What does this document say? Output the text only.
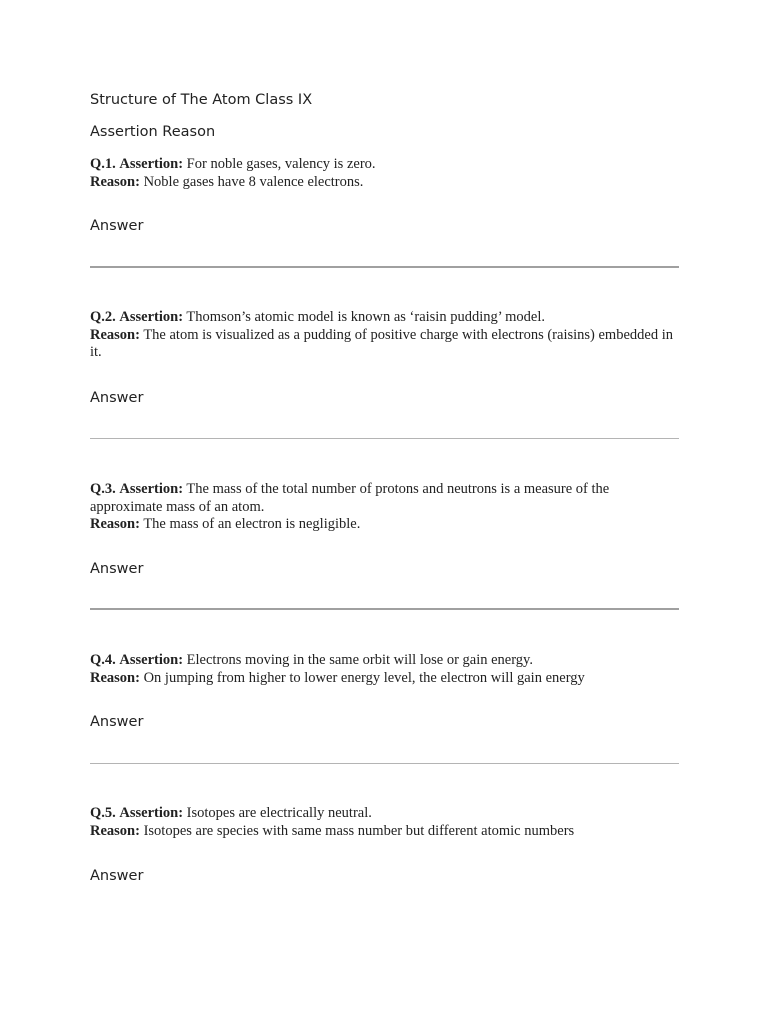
Structure of The Atom Class IX
Assertion Reason

Q.1. Assertion: For noble gases, valency is zero.

Reason: Noble gases have 8 valence electrons.

Answer

Q.2. Assertion: Thomson’s atomic model is known as ‘raisin pudding’ model.

Reason: The atom is visualized as a pudding of positive charge with electrons (raisins) embedded in it.

Answer

Q.3. Assertion: The mass of the total number of protons and neutrons is a measure of the approximate mass of an atom.

Reason: The mass of an electron is negligible.

Answer

Q.4. Assertion: Electrons moving in the same orbit will lose or gain energy.

Reason: On jumping from higher to lower energy level, the electron will gain energy

Answer

Q.5. Assertion: Isotopes are electrically neutral.

Reason: Isotopes are species with same mass number but different atomic numbers

Answer
